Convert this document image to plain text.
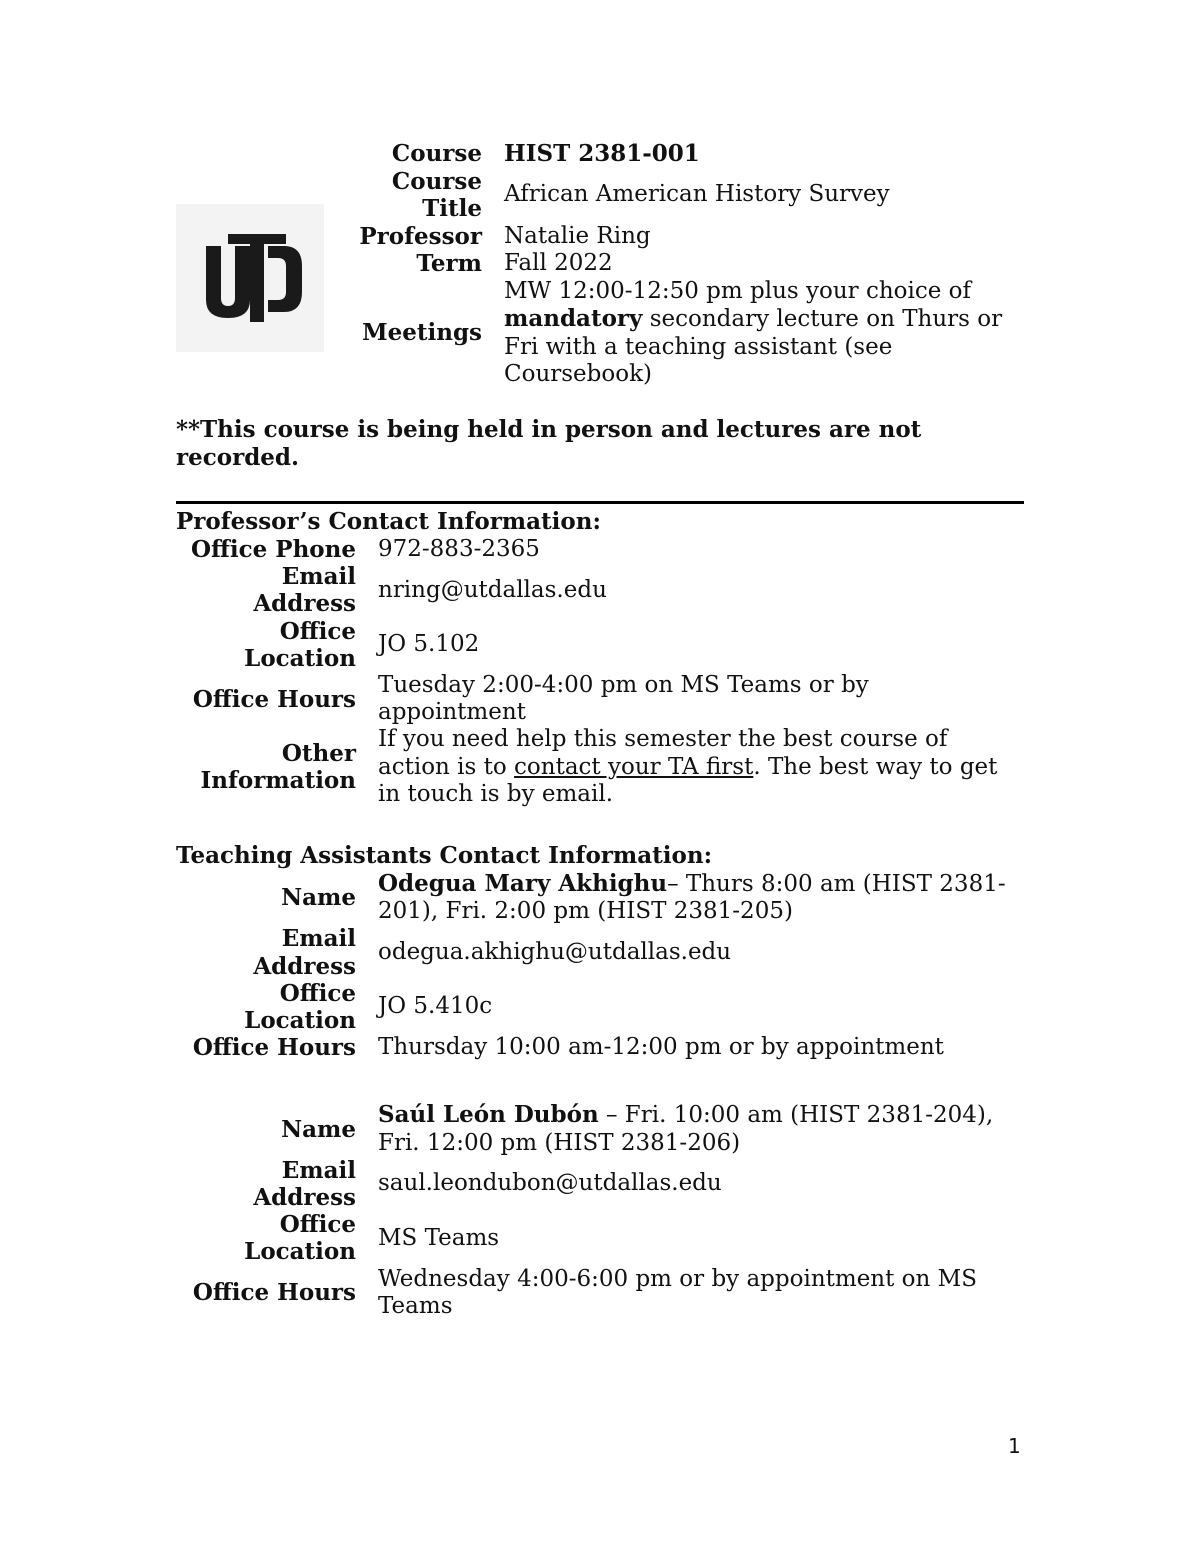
Course	HIST 2381-001
Course Title	African American History Survey
Professor	Natalie Ring
Term	Fall 2022
Meetings	MW 12:00-12:50 pm plus your choice of mandatory secondary lecture on Thurs or Fri with a teaching assistant (see Coursebook)
**This course is being held in person and lectures are not recorded.
Professor’s Contact Information:
Office Phone	972-883-2365
Email Address	nring@utdallas.edu
Office Location	JO 5.102
Office Hours	Tuesday 2:00-4:00 pm on MS Teams or by appointment
Other Information	If you need help this semester the best course of action is to contact your TA first. The best way to get in touch is by email.
Teaching Assistants Contact Information:
Name	Odegua Mary Akhighu– Thurs 8:00 am (HIST 2381-201), Fri. 2:00 pm (HIST 2381-205)
Email Address	odegua.akhighu@utdallas.edu
Office Location	JO 5.410c
Office Hours	Thursday 10:00 am-12:00 pm or by appointment

Name	Saúl León Dubón – Fri. 10:00 am (HIST 2381-204), Fri. 12:00 pm (HIST 2381-206)
Email Address	saul.leondubon@utdallas.edu
Office Location	MS Teams
Office Hours	Wednesday 4:00-6:00 pm or by appointment on MS Teams
1
